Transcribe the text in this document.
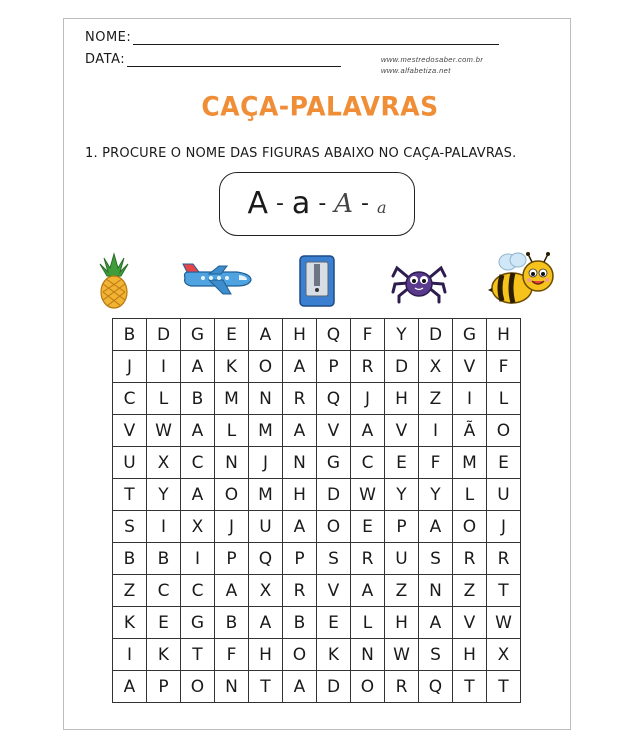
NOME:
DATA:	www.mestredosaber.com.br
www.alfabetiza.net
CAÇA-PALAVRAS
1. PROCURE O NOME DAS FIGURAS ABAIXO NO CAÇA-PALAVRAS.
A - a - A - a
B	D	G	E	A	H	Q	F	Y	D	G	H
J	I	A	K	O	A	P	R	D	X	V	F
C	L	B	M	N	R	Q	J	H	Z	I	L
V	W	A	L	M	A	V	A	V	I	Ã	O
U	X	C	N	J	N	G	C	E	F	M	E
T	Y	A	O	M	H	D	W	Y	Y	L	U
S	I	X	J	U	A	O	E	P	A	O	J
B	B	I	P	Q	P	S	R	U	S	R	R
Z	C	C	A	X	R	V	A	Z	N	Z	T
K	E	G	B	A	B	E	L	H	A	V	W
I	K	T	F	H	O	K	N	W	S	H	X
A	P	O	N	T	A	D	O	R	Q	T	T
